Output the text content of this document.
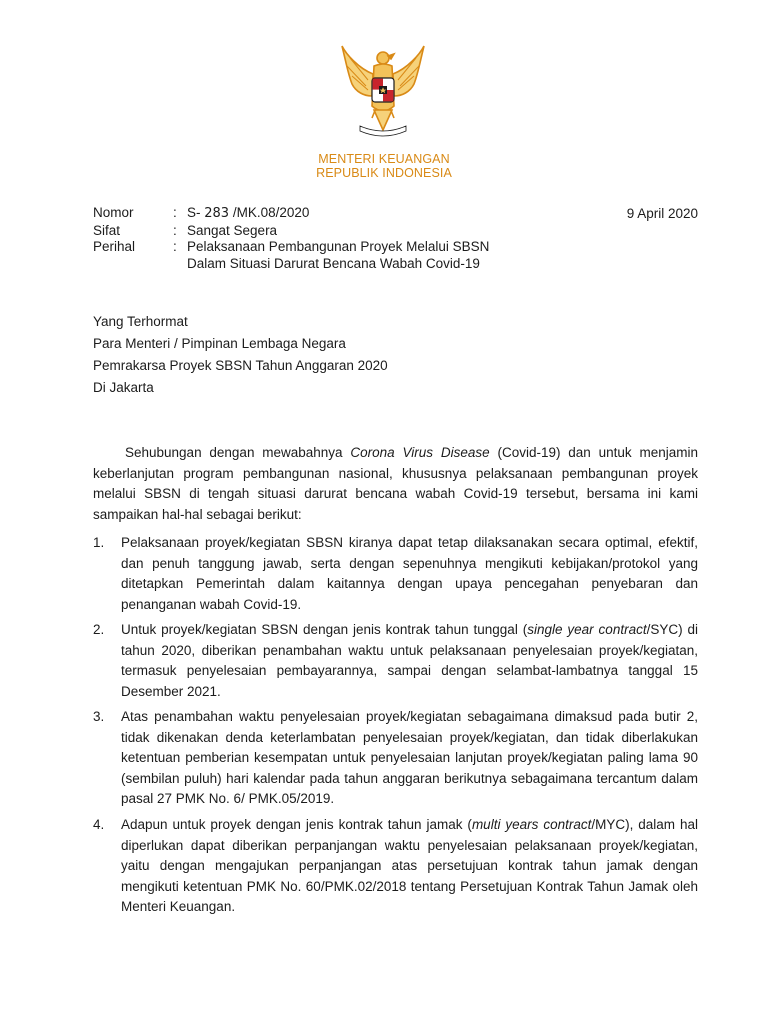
MENTERI KEUANGAN
REPUBLIK INDONESIA
Nomor	: S- 283 /MK.08/2020
Sifat	: Sangat Segera
Perihal	: Pelaksanaan Pembangunan Proyek Melalui SBSN
Dalam Situasi Darurat Bencana Wabah Covid-19
9 April 2020
Yang Terhormat
Para Menteri / Pimpinan Lembaga Negara
Pemrakarsa Proyek SBSN Tahun Anggaran 2020
Di Jakarta
Sehubungan dengan mewabahnya Corona Virus Disease (Covid-19) dan untuk menjamin keberlanjutan program pembangunan nasional, khususnya pelaksanaan pembangunan proyek melalui SBSN di tengah situasi darurat bencana wabah Covid-19 tersebut, bersama ini kami sampaikan hal-hal sebagai berikut:
1.	Pelaksanaan proyek/kegiatan SBSN kiranya dapat tetap dilaksanakan secara optimal, efektif, dan penuh tanggung jawab, serta dengan sepenuhnya mengikuti kebijakan/protokol yang ditetapkan Pemerintah dalam kaitannya dengan upaya pencegahan penyebaran dan penanganan wabah Covid-19.
2.	Untuk proyek/kegiatan SBSN dengan jenis kontrak tahun tunggal (single year contract/SYC) di tahun 2020, diberikan penambahan waktu untuk pelaksanaan penyelesaian proyek/kegiatan, termasuk penyelesaian pembayarannya, sampai dengan selambat-lambatnya tanggal 15 Desember 2021.
3.	Atas penambahan waktu penyelesaian proyek/kegiatan sebagaimana dimaksud pada butir 2, tidak dikenakan denda keterlambatan penyelesaian proyek/kegiatan, dan tidak diberlakukan ketentuan pemberian kesempatan untuk penyelesaian lanjutan proyek/kegiatan paling lama 90 (sembilan puluh) hari kalendar pada tahun anggaran berikutnya sebagaimana tercantum dalam pasal 27 PMK No. 6/ PMK.05/2019.
4.	Adapun untuk proyek dengan jenis kontrak tahun jamak (multi years contract/MYC), dalam hal diperlukan dapat diberikan perpanjangan waktu penyelesaian pelaksanaan proyek/kegiatan, yaitu dengan mengajukan perpanjangan atas persetujuan kontrak tahun jamak dengan mengikuti ketentuan PMK No. 60/PMK.02/2018 tentang Persetujuan Kontrak Tahun Jamak oleh Menteri Keuangan.
